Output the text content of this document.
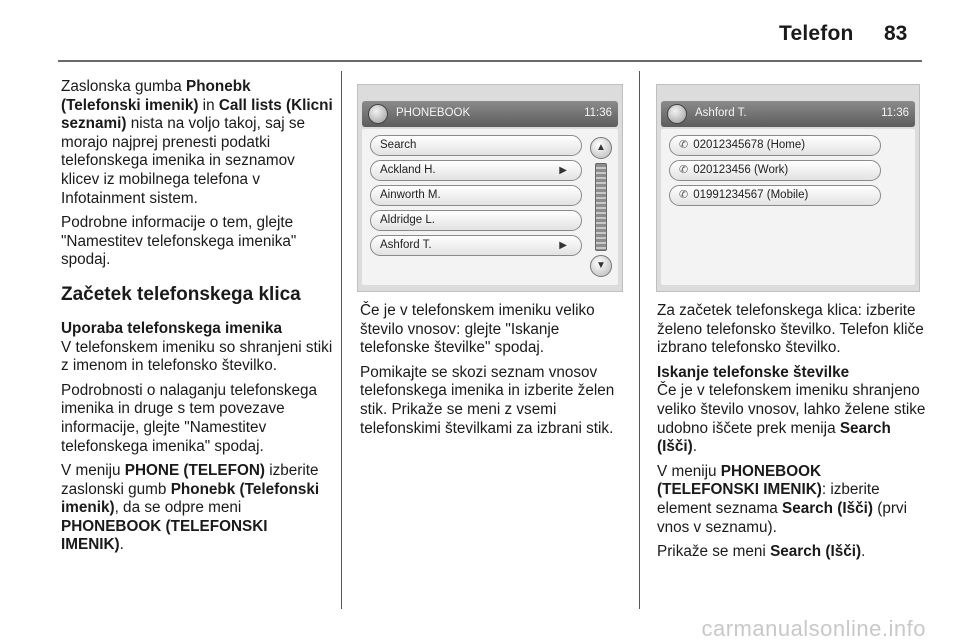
Telefon 83

Zaslonska gumba Phonebk (Telefonski imenik) in Call lists (Klicni seznami) nista na voljo takoj, saj se morajo najprej prenesti podatki telefonskega imenika in seznamov klicev iz mobilnega telefona v Infotainment sistem.

Podrobne informacije o tem, glejte "Namestitev telefonskega imenika" spodaj.

Začetek telefonskega klica
Uporaba telefonskega imenika

V telefonskem imeniku so shranjeni stiki z imenom in telefonsko številko.

Podrobnosti o nalaganju telefonskega imenika in druge s tem povezave informacije, glejte "Namestitev telefonskega imenika" spodaj.

V meniju PHONE (TELEFON) izberite zaslonski gumb Phonebk (Telefonski imenik), da se odpre meni PHONEBOOK (TELEFONSKI IMENIK).

PHONEBOOK	11:36
Search
Ackland H.	▶
Ainworth M.
Aldridge L.
Ashford T.	▶
▲
▼

Če je v telefonskem imeniku veliko število vnosov: glejte "Iskanje telefonske številke" spodaj.

Pomikajte se skozi seznam vnosov telefonskega imenika in izberite želen stik. Prikaže se meni z vsemi telefonskimi številkami za izbrani stik.

Ashford T.	11:36
✆ 02012345678 (Home)
✆ 020123456 (Work)
✆ 01991234567 (Mobile)

Za začetek telefonskega klica: izberite želeno telefonsko številko. Telefon kliče izbrano telefonsko številko.

Iskanje telefonske številke

Če je v telefonskem imeniku shranjeno veliko število vnosov, lahko želene stike udobno iščete prek menija Search (Išči).

V meniju PHONEBOOK (TELEFONSKI IMENIK): izberite element seznama Search (Išči) (prvi vnos v seznamu).

Prikaže se meni Search (Išči).

carmanualsonline.info
